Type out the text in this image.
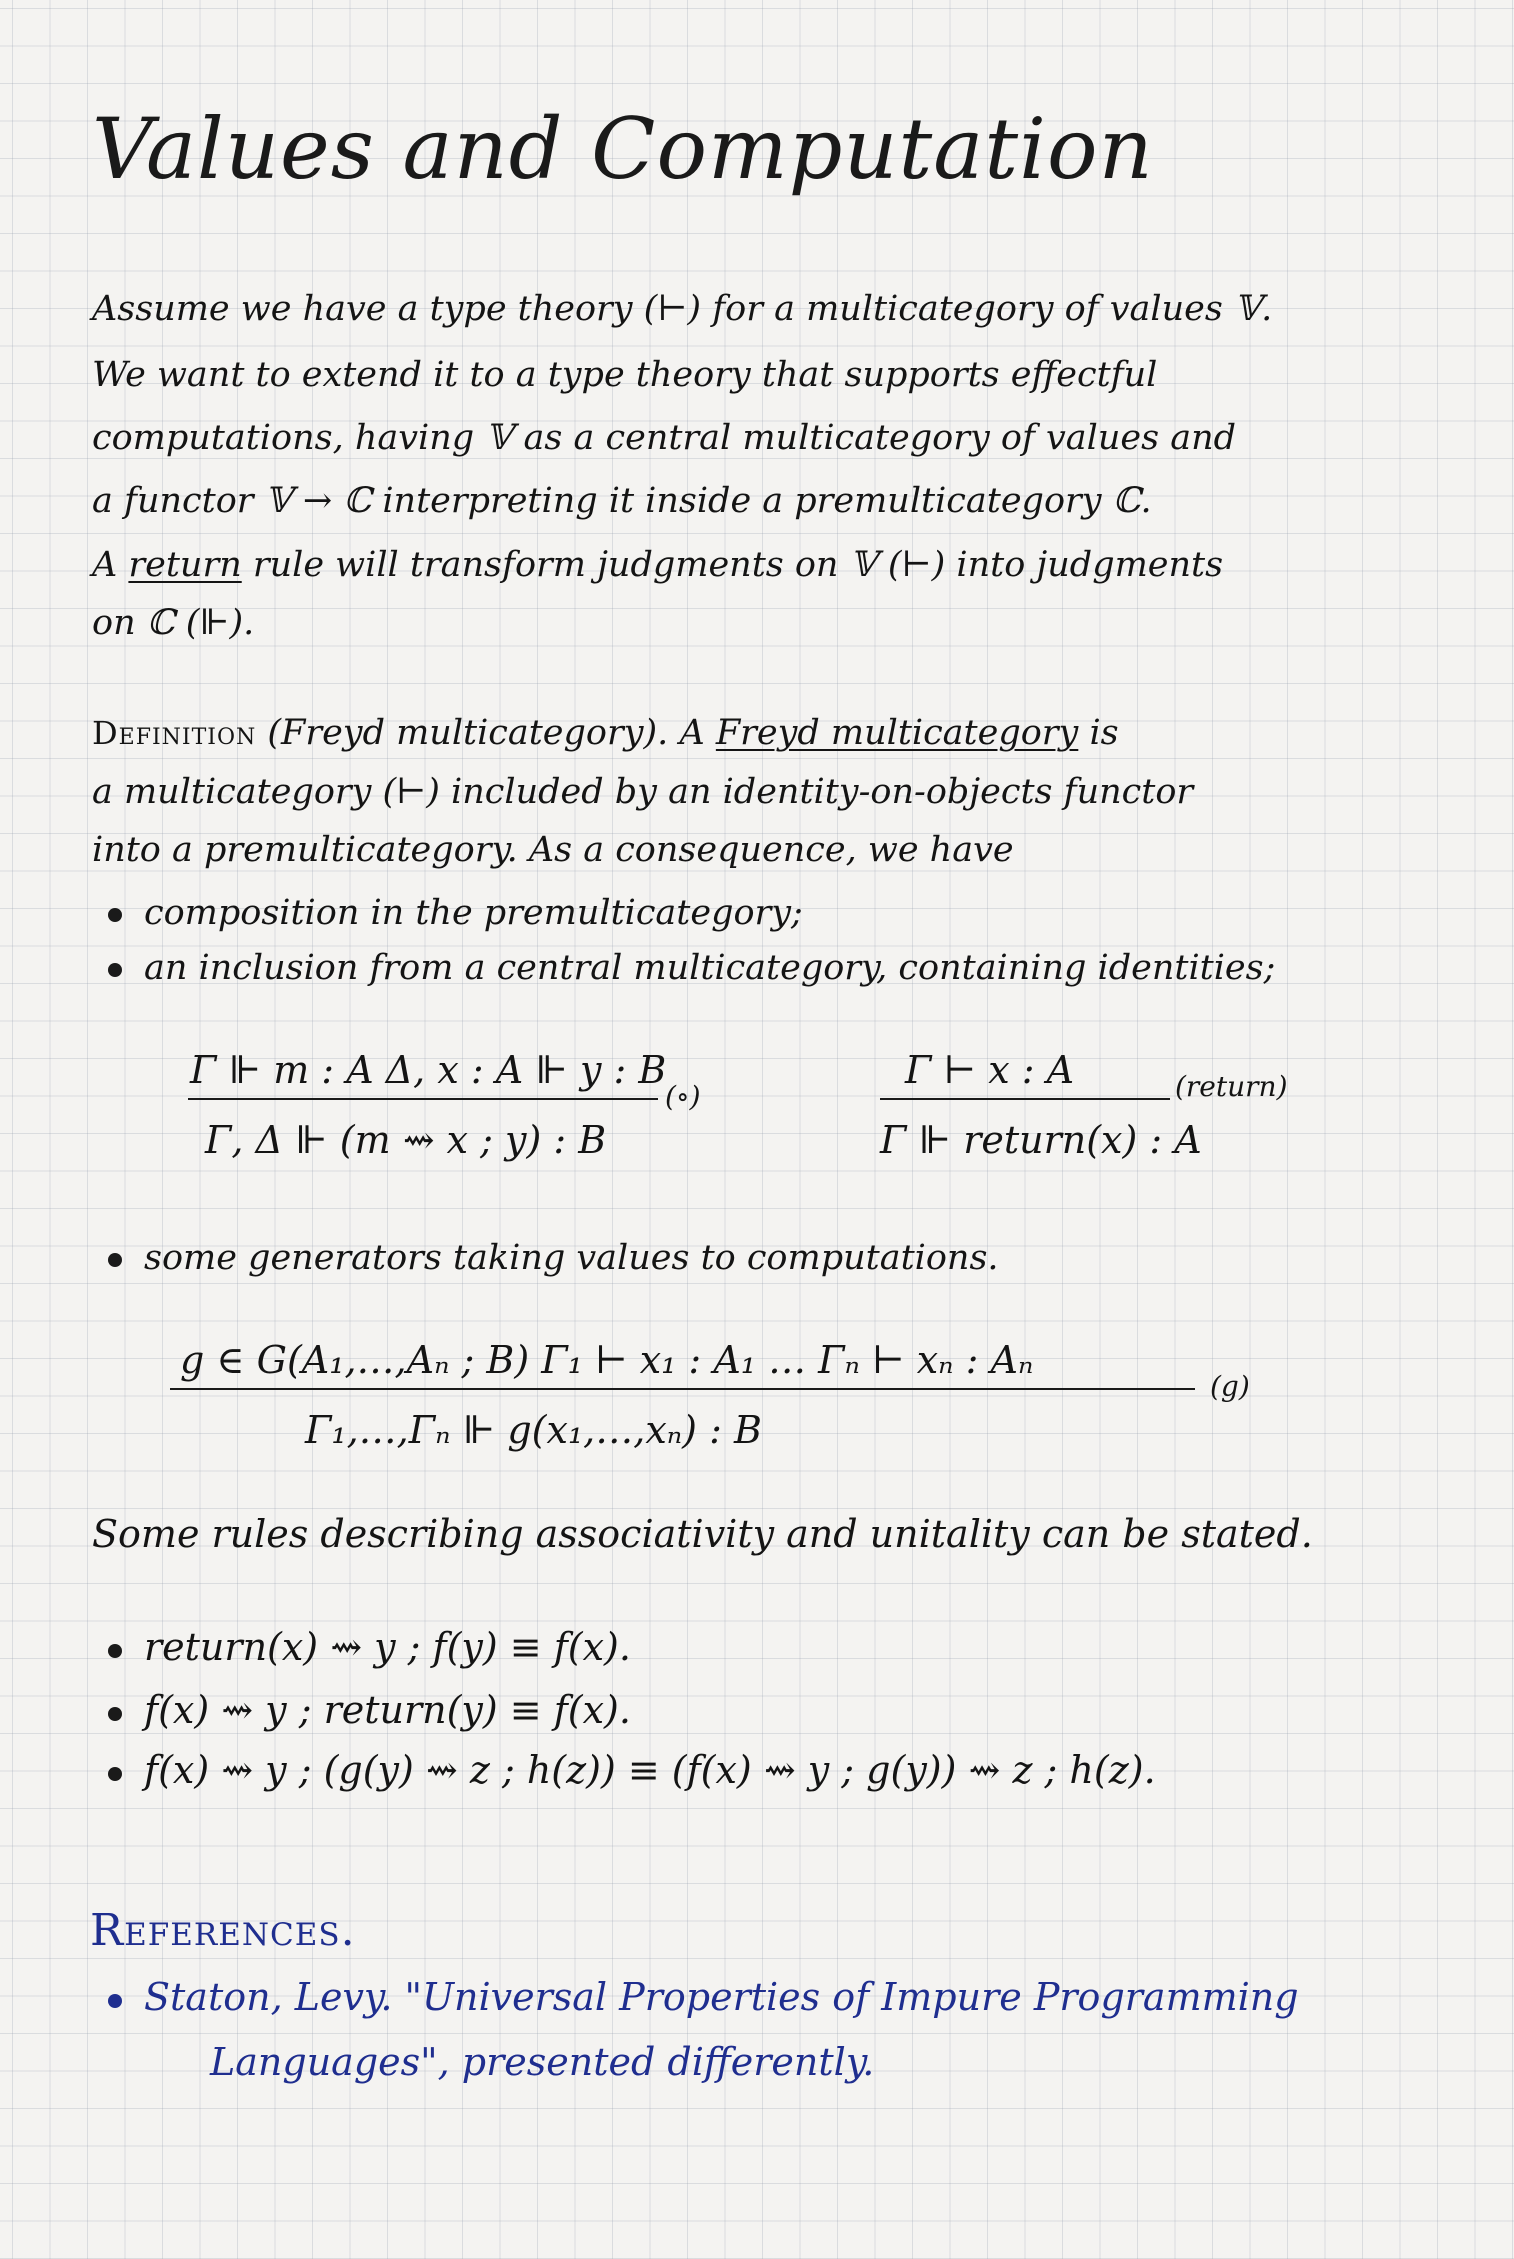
Values and Computation
Assume we have a type theory (⊢) for a multicategory of values 𝕍.
We want to extend it to a type theory that supports effectful
computations, having 𝕍 as a central multicategory of values and
a functor 𝕍 → ℂ interpreting it inside a premulticategory ℂ.
A return rule will transform judgments on 𝕍 (⊢) into judgments
on ℂ (⊩).
Definition (Freyd multicategory). A Freyd multicategory is
a multicategory (⊢) included by an identity-on-objects functor
into a premulticategory. As a consequence, we have
composition in the premulticategory;
an inclusion from a central multicategory, containing identities;
Γ ⊩ m : A Δ, x : A ⊩ y : B
Γ, Δ ⊩ (m ⇝ x ; y) : B
(∘)
Γ ⊢ x : A
Γ ⊩ return(x) : A
(return)
some generators taking values to computations.
g ∈ G(A₁,…,Aₙ ; B) Γ₁ ⊢ x₁ : A₁ … Γₙ ⊢ xₙ : Aₙ
Γ₁,…,Γₙ ⊩ g(x₁,…,xₙ) : B
(g)
Some rules describing associativity and unitality can be stated.
return(x) ⇝ y ; f(y) ≡ f(x).
f(x) ⇝ y ; return(y) ≡ f(x).
f(x) ⇝ y ; (g(y) ⇝ z ; h(z)) ≡ (f(x) ⇝ y ; g(y)) ⇝ z ; h(z).
References.
Staton, Levy. "Universal Properties of Impure Programming
Languages", presented differently.
